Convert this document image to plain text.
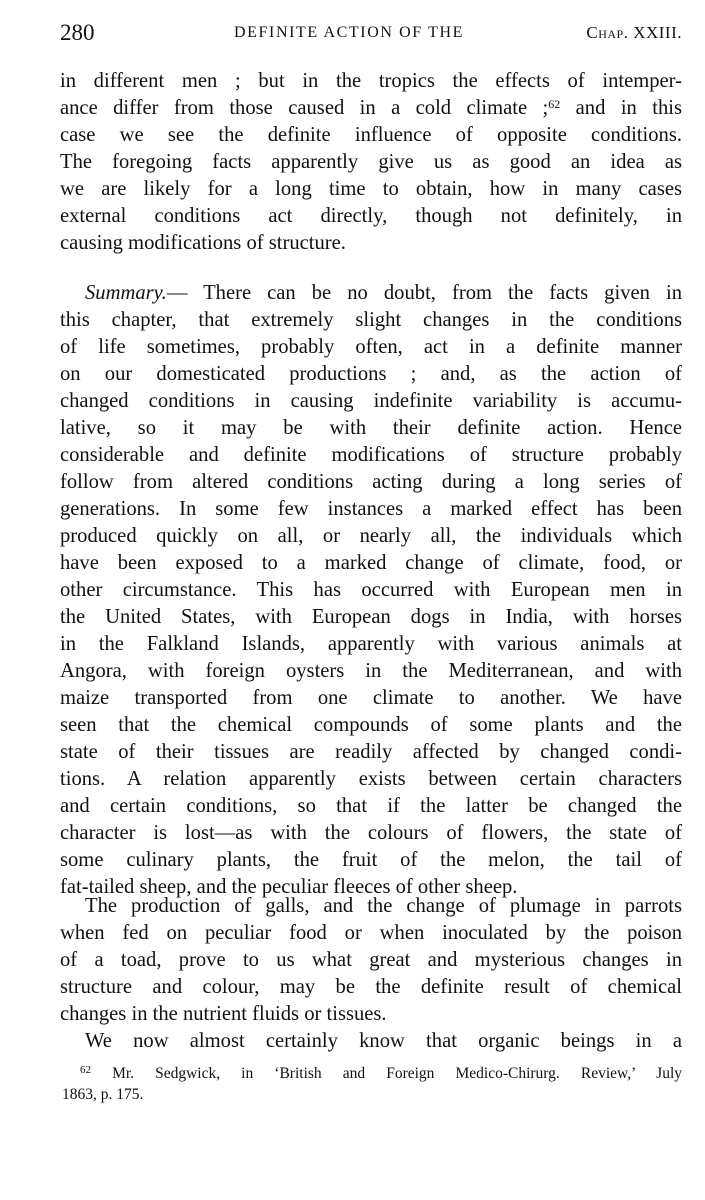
280	DEFINITE ACTION OF THE	Chap. XXIII.
in different men ; but in the tropics the effects of intemper-
ance differ from those caused in a cold climate ;$^{62}$ and in this
case we see the definite influence of opposite conditions.
The foregoing facts apparently give us as good an idea as
we are likely for a long time to obtain, how in many cases
external conditions act directly, though not definitely, in
causing modifications of structure.
Summary.— There can be no doubt, from the facts given in
this chapter, that extremely slight changes in the conditions
of life sometimes, probably often, act in a definite manner
on our domesticated productions ; and, as the action of
changed conditions in causing indefinite variability is accumu-
lative, so it may be with their definite action. Hence
considerable and definite modifications of structure probably
follow from altered conditions acting during a long series of
generations. In some few instances a marked effect has been
produced quickly on all, or nearly all, the individuals which
have been exposed to a marked change of climate, food, or
other circumstance. This has occurred with European men in
the United States, with European dogs in India, with horses
in the Falkland Islands, apparently with various animals at
Angora, with foreign oysters in the Mediterranean, and with
maize transported from one climate to another. We have
seen that the chemical compounds of some plants and the
state of their tissues are readily affected by changed condi-
tions. A relation apparently exists between certain characters
and certain conditions, so that if the latter be changed the
character is lost—as with the colours of flowers, the state of
some culinary plants, the fruit of the melon, the tail of
fat-tailed sheep, and the peculiar fleeces of other sheep.
The production of galls, and the change of plumage in parrots
when fed on peculiar food or when inoculated by the poison
of a toad, prove to us what great and mysterious changes in
structure and colour, may be the definite result of chemical
changes in the nutrient fluids or tissues.
We now almost certainly know that organic beings in a
$^{62}$ Mr. Sedgwick, in ‘British and Foreign Medico-Chirurg. Review,’ July
1863, p. 175.
